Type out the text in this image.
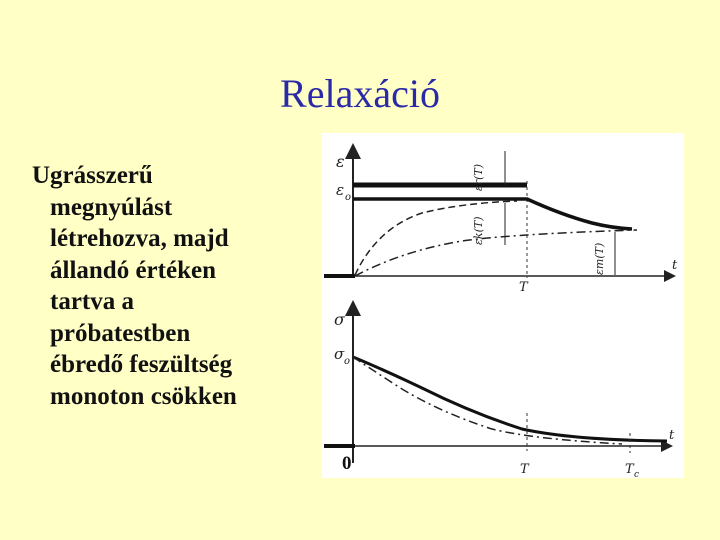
Relaxáció
Ugrásszerű
megnyúlást
létrehozva, majd
állandó értéken
tartva a
próbatestben
ébredő feszültség
monoton csökken
ε
t
ε o
T
εr(T)
εk(T)
εm(T)
σ
t
0
σ o
T	T c
